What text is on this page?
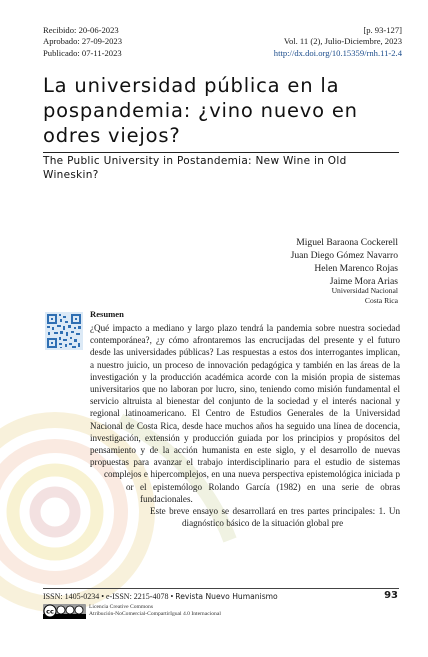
Recibido: 20-06-2023
Aprobado: 27-09-2023
Publicado: 07-11-2023
[p. 93-127]
Vol. 11 (2), Julio-Diciembre, 2023
http://dx.doi.org/10.15359/rnh.11-2.4
La universidad pública en la pospandemia: ¿vino nuevo en odres viejos?
The Public University in Postandemia: New Wine in Old Wineskin?
Miguel Baraona Cockerell
Juan Diego Gómez Navarro
Helen Marenco Rojas
Jaime Mora Arias
Universidad Nacional
Costa Rica
Resumen
¿Qué impacto a mediano y largo plazo tendrá la pandemia sobre nuestra sociedad contemporánea?, ¿y cómo afrontaremos las encrucijadas del presente y el futuro desde las universidades públicas? Las respuestas a estos dos interrogantes implican, a nuestro juicio, un proceso de innovación pedagógica y también en las áreas de la investigación y la producción académica acorde con la misión propia de sistemas universitarios que no laboran por lucro, sino, teniendo como misión fundamental el servicio altruista al bienestar del conjunto de la sociedad y el interés nacional y regional latinoamericano. El Centro de Estudios Generales de la Universidad Nacional de Costa Rica, desde hace muchos años ha seguido una línea de docencia, investigación, extensión y producción guiada por los principios y propósitos del pensamiento y de la acción humanista en este siglo, y el desarrollo de nuevas propuestas para avanzar el trabajo interdisciplinario para el estudio de sistemas complejos e hipercomplejos, en una nueva perspectiva epistemológica iniciada p or el epistemólogo Rolando García (1982) en una serie de obras fundacionales.
Este breve ensayo se desarrollará en tres partes principales: 1. Un diagnóstico básico de la situación global pre
ISSN: 1405-0234 • e-ISSN: 2215-4078 • Revista Nuevo Humanismo	93
cc
Licencia Creative Commons
Atribución-NoComercial-CompartirIgual 4.0 Internacional
